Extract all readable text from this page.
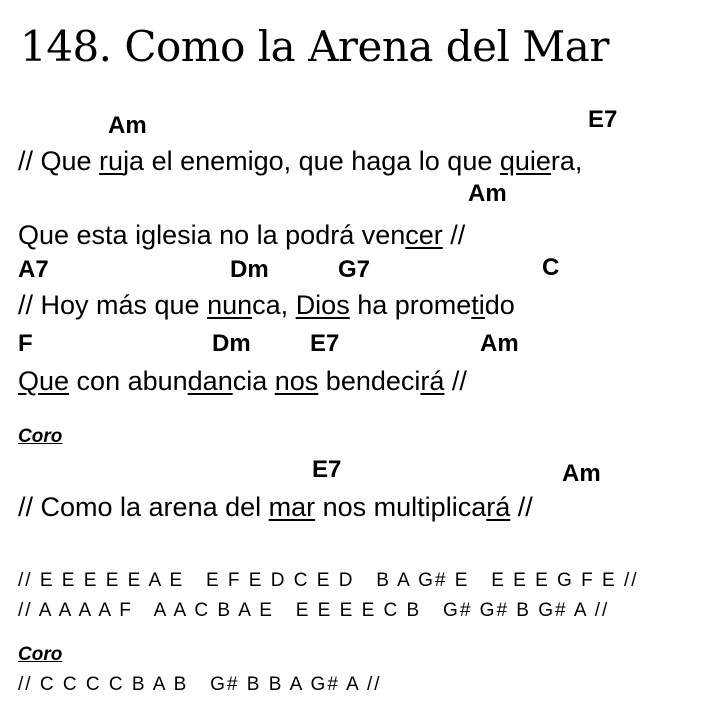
148. Como la Arena del Mar
Am	E7
// Que ruja el enemigo, que haga lo que quiera,
Am
Que esta iglesia no la podrá vencer //
A7	Dm	G7	C
// Hoy más que nunca, Dios ha prometido
F	Dm E7	Am
Que con abundancia nos bendecirá //
Coro
E7	Am
// Como la arena del mar nos multiplicará //
// E E E E E A E   E F E D C E D   B A G# E   E E E G F E //
// A A A A F   A A C B A E   E E E E C B   G# G# B G# A //
Coro
// C C C C B A B   G# B B A G# A //
